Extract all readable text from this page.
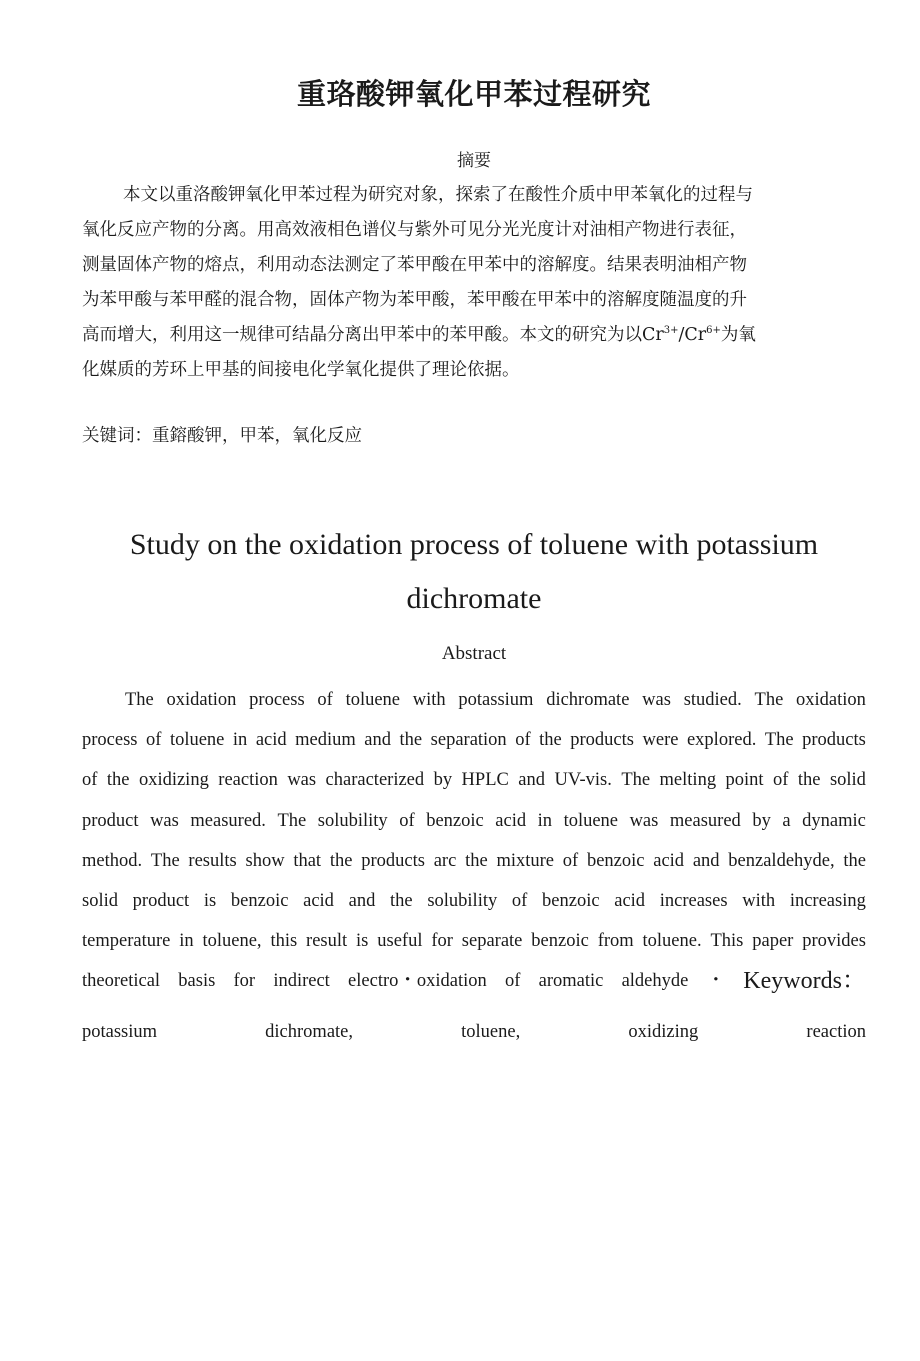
重珞酸钾氧化甲苯过程研究
摘要
本文以重洛酸钾氧化甲苯过程为研究对象，探索了在酸性介质中甲苯氧化的过程与
氧化反应产物的分离。用高效液相色谱仪与紫外可见分光光度计对油相产物进行表征，
测量固体产物的熔点，利用动态法测定了苯甲酸在甲苯中的溶解度。结果表明油相产物
为苯甲酸与苯甲醛的混合物，固体产物为苯甲酸，苯甲酸在甲苯中的溶解度随温度的升
高而增大，利用这一规律可结晶分离出甲苯中的苯甲酸。本文的研究为以$Cr^{3+}/Cr^{6+}$为氧
化媒质的芳环上甲基的间接电化学氧化提供了理论依据。
关键词：重鎔酸钾，甲苯，氧化反应
Study on the oxidation process of toluene with potassium
dichromate
Abstract
The oxidation process of toluene with potassium dichromate was studied. The oxidation
process of toluene in acid medium and the separation of the products were explored. The products
of the oxidizing reaction was characterized by HPLC and UV-vis. The melting point of the solid
product was measured. The solubility of benzoic acid in toluene was measured by a dynamic
method. The results show that the products arc the mixture of benzoic acid and benzaldehyde, the
solid product is benzoic acid and the solubility of benzoic acid increases with increasing
temperature in toluene, this result is useful for separate benzoic from toluene. This paper provides
theoretical basis for indirect electro・oxidation of aromatic aldehyde ・ Keywords：
potassium	dichromate,	toluene,	oxidizing	reaction
